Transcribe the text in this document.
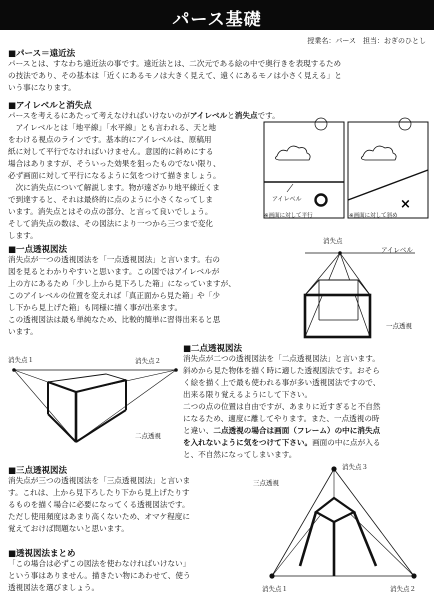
パース基礎
授業名：パース　担当：おぎのひとし
■パース＝遠近法
パースとは、すなわち遠近法の事です。遠近法とは、二次元である絵の中で奥行きを表現するため
の技法であり、その基本は「近くにあるモノは大きく見えて、遠くにあるモノは小さく見える」と
いう事になります。
■アイレベルと消失点
パースを考えるにあたって考えなければいけないのがアイレベルと消失点です。
　アイレベルとは「地平線」「水平線」とも言われる、天と地
をわける視点のラインです。基本的にアイレベルは、原稿用
紙に対して平行でなければいけません。意図的に斜めにする
場合はありますが、そういった効果を狙ったものでない限り、
必ず画面に対して平行になるように気をつけて描きましょう。
　次に消失点について解説します。物が遠ざかり地平線近くま
で到達すると、それは最終的に点のように小さくなってしま
います。消失点とはその点の部分、と言って良いでしょう。
そして消失点の数は、その図法により一つから三つまで変化
します。
×
アイレベル
※画面に対して平行	※画面に対して斜め
■一点透視図法
消失点が一つの透視図法を「一点透視図法」と言います。右の
図を見るとわかりやすいと思います。この図ではアイレベルが
上の方にあるため「少し上から見下ろした箱」になっていますが、
このアイレベルの位置を変えれば「真正面から見た箱」や「少
し下から見上げた箱」も同様に描く事が出来ます。
この透視図法は最も単純なため、比較的簡単に習得出来ると思
います。
消失点
アイレベル
一点透視
消失点１	消失点２
二点透視
■二点透視図法
消失点が二つの透視図法を「二点透視図法」と言います。
斜めから見た物体を描く時に適した透視図法です。おそら
く絵を描く上で最も使われる事が多い透視図法ですので、
出来る限り覚えるようにして下さい。
二つの点の位置は自由ですが、あまりに近すぎると不自然
になるため、適度に離してやります。また、一点透視の時
と違い、二点透視の場合は画面（フレーム）の中に消失点
を入れないように気をつけて下さい。画面の中に点が入る
と、不自然になってしまいます。
■三点透視図法
消失点が三つの透視図法を「三点透視図法」と言いま
す。これは、上から見下ろしたり下から見上げたりす
るものを描く場合に必要になってくる透視図法です。
ただし使用頻度はあまり高くないため、オマケ程度に
覚えておけば問題ないと思います。
消失点３
三点透視
消失点１	消失点２
■透視図法まとめ
「この場合は必ずこの図法を使わなければいけない」
という事はありません。描きたい物にあわせて、使う
透視図法を選びましょう。
